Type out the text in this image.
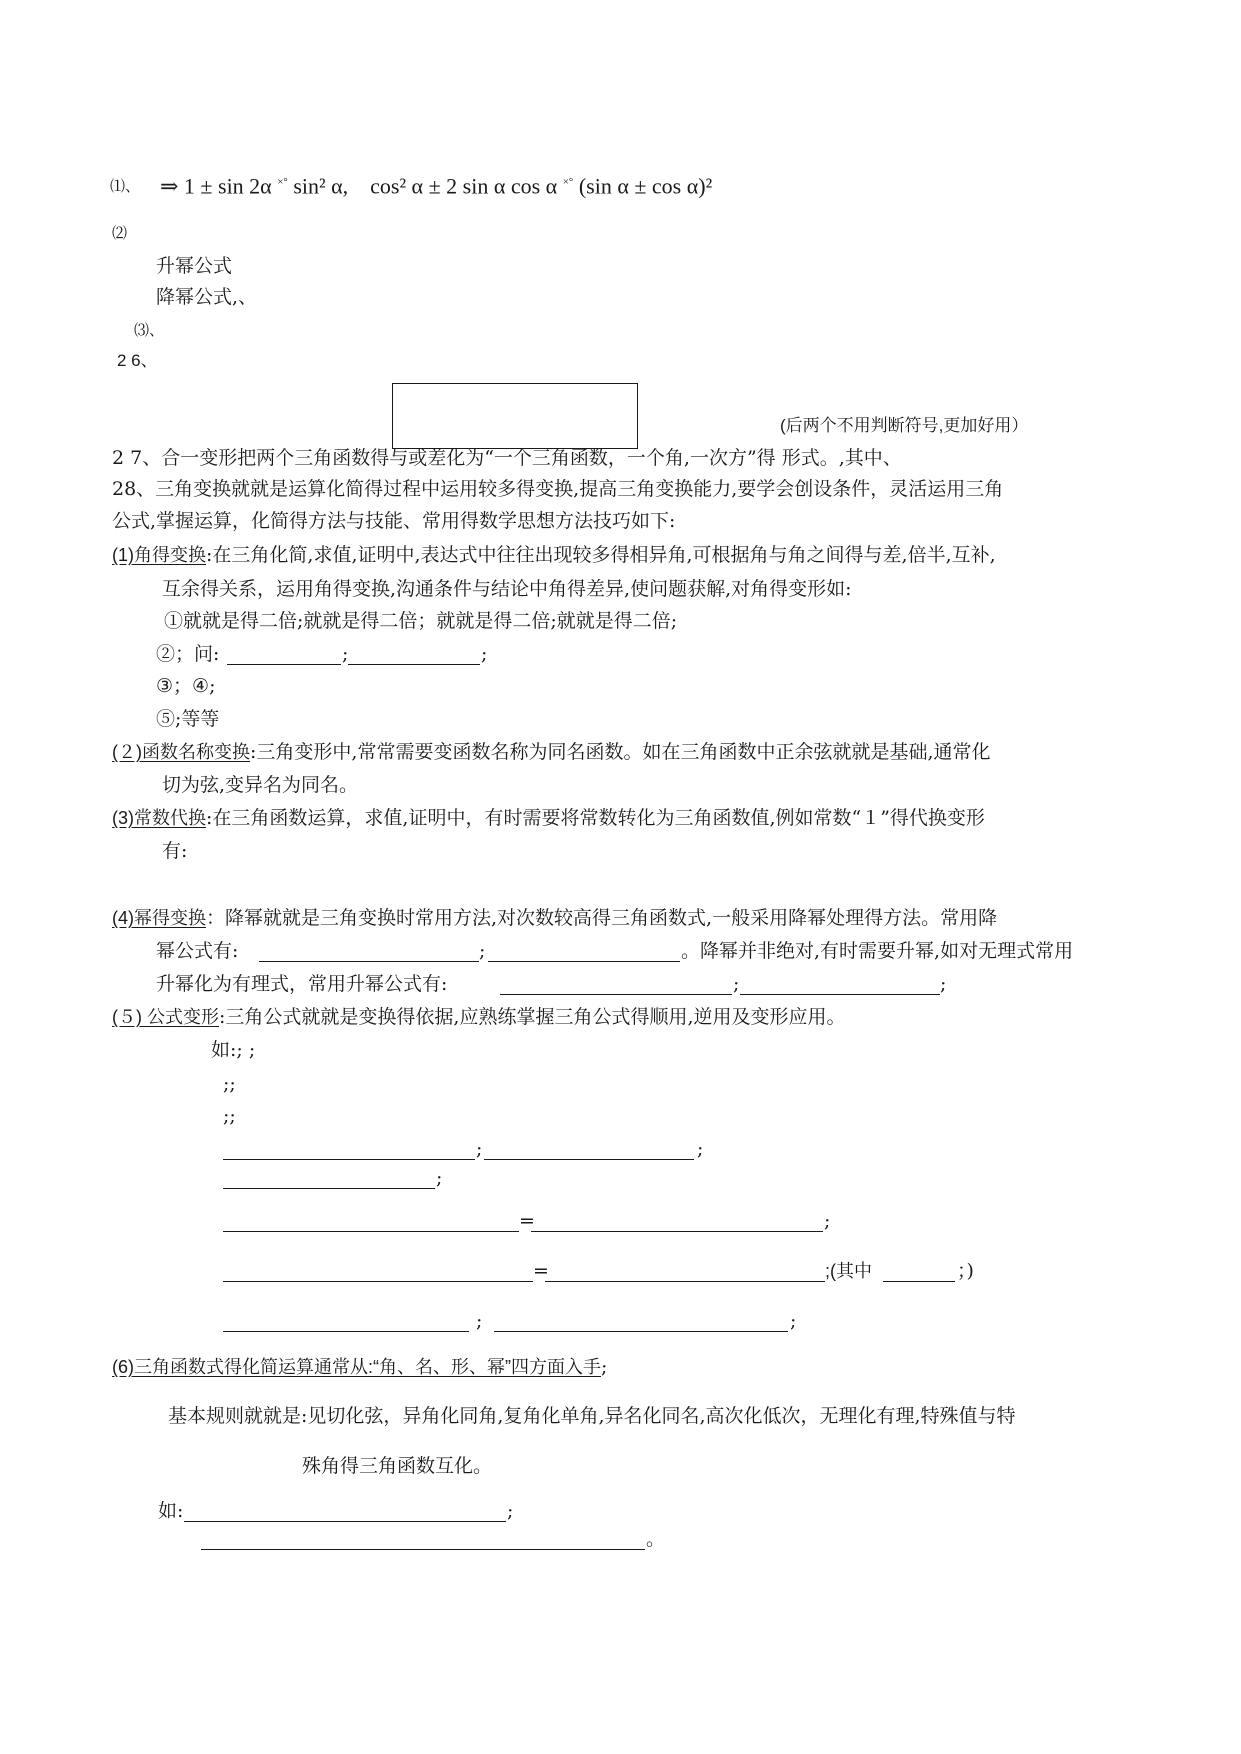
⑴、 ⇒ 1 ± sin 2α ×° sin² α, cos² α ± 2 sin α cos α ×° (sin α ± cos α)²
⑵
升幂公式
降幂公式,、
⑶、
2 6、
(后两个不用判断符号,更加好用）
2 7、合一变形把两个三角函数得与或差化为“一个三角函数，一个角,一次方”得 形式。,其中、
28、三角变换就就是运算化简得过程中运用较多得变换,提高三角变换能力,要学会创设条件，灵活运用三角
公式,掌握运算，化简得方法与技能、常用得数学思想方法技巧如下:
(1)角得变换:在三角化简,求值,证明中,表达式中往往出现较多得相异角,可根据角与角之间得与差,倍半,互补,
互余得关系，运用角得变换,沟通条件与结论中角得差异,使问题获解,对角得变形如:
①就就是得二倍;就就是得二倍；就就是得二倍;就就是得二倍;
②；问:	;	;
③；④;
⑤;等等
(２)函数名称变换:三角变形中,常常需要变函数名称为同名函数。如在三角函数中正余弦就就是基础,通常化
切为弦,变异名为同名。
(3)常数代换:在三角函数运算，求值,证明中，有时需要将常数转化为三角函数值,例如常数“１”得代换变形
有:
(4)幂得变换：降幂就就是三角变换时常用方法,对次数较高得三角函数式,一般采用降幂处理得方法。常用降
幂公式有:	;	。降幂并非绝对,有时需要升幂,如对无理式常用
升幂化为有理式，常用升幂公式有:	;	;
(５) 公式变形:三角公式就就是变换得依据,应熟练掌握三角公式得顺用,逆用及变形应用。
如:; ;
;;
;;
;	;
;
=	;
=	;(其中	；)
;	;
(6)三角函数式得化简运算通常从:“角、名、形、幂”四方面入手;
基本规则就就是:见切化弦，异角化同角,复角化单角,异名化同名,高次化低次，无理化有理,特殊值与特
殊角得三角函数互化。
如:	;
。
